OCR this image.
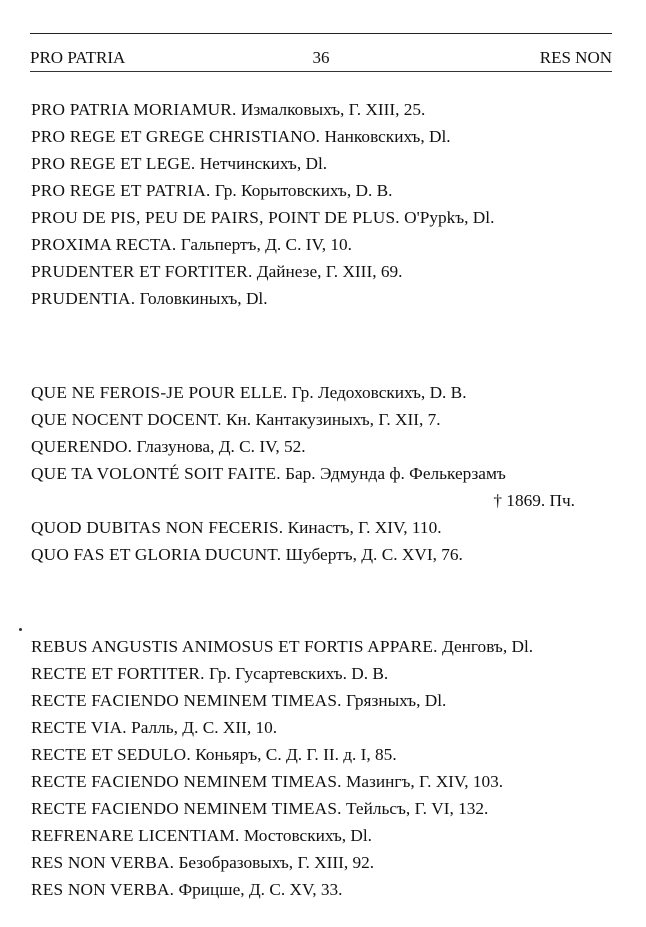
PRO PATRIA	36	RES NON
PRO PATRIA MORIAMUR. Измалковыхъ, Г. XIII, 25.
PRO REGE ET GREGE CHRISTIANO. Нанковскихъ, Dl.
PRO REGE ET LEGE. Нетчинскихъ, Dl.
PRO REGE ET PATRIA. Гр. Корытовскихъ, D. B.
PROU DE PIS, PEU DE PAIRS, POINT DE PLUS. O'Рурkъ, Dl.
PROXIMA RECTA. Гальпертъ, Д. С. IV, 10.
PRUDENTER ET FORTITER. Дайнезе, Г. XIII, 69.
PRUDENTIA. Головкиныхъ, Dl.
QUE NE FEROIS-JE POUR ELLE. Гр. Ледоховскихъ, D. B.
QUE NOCENT DOCENT. Кн. Кантакузиныхъ, Г. XII, 7.
QUERENDO. Глазунова, Д. С. IV, 52.
QUE TA VOLONTÉ SOIT FAITE. Бар. Эдмунда ф. Фелькерзамъ
† 1869. Пч.
QUOD DUBITAS NON FECERIS. Кинастъ, Г. XIV, 110.
QUO FAS ET GLORIA DUCUNT. Шубертъ, Д. С. XVI, 76.
REBUS ANGUSTIS ANIMOSUS ET FORTIS APPARE. Денговъ, Dl.
RECTE ET FORTITER. Гр. Гусартевскихъ. D. B.
RECTE FACIENDO NEMINEM TIMEAS. Грязныхъ, Dl.
RECTE VIA. Ралль, Д. С. XII, 10.
RECTE ET SEDULO. Коньяръ, С. Д. Г. II. д. I, 85.
RECTE FACIENDO NEMINEM TIMEAS. Мазингъ, Г. XIV, 103.
RECTE FACIENDO NEMINEM TIMEAS. Тейльсъ, Г. VI, 132.
REFRENARE LICENTIAM. Мостовскихъ, Dl.
RES NON VERBA. Безобразовыхъ, Г. XIII, 92.
RES NON VERBA. Фрицше, Д. С. XV, 33.
